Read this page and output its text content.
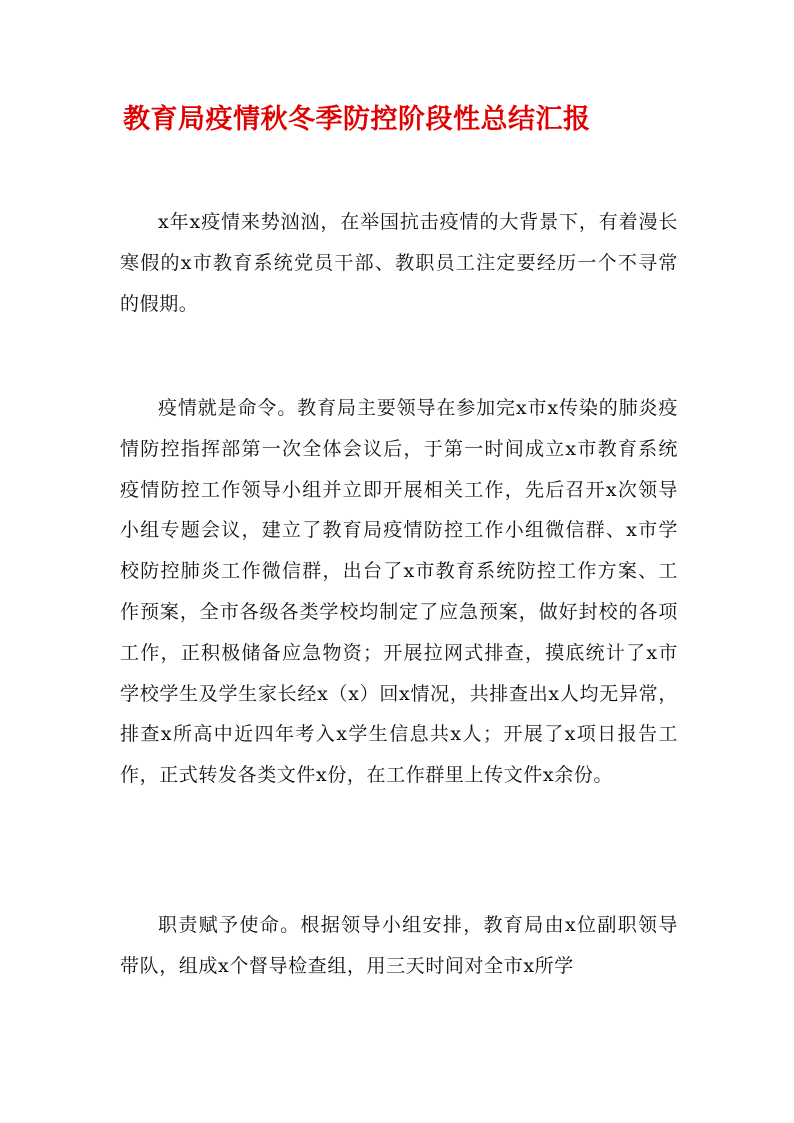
教育局疫情秋冬季防控阶段性总结汇报

x年x疫情来势汹汹，在举国抗击疫情的大背景下，有着漫长寒假的x市教育系统党员干部、教职员工注定要经历一个不寻常的假期。

疫情就是命令。教育局主要领导在参加完x市x传染的肺炎疫情防控指挥部第一次全体会议后，于第一时间成立x市教育系统疫情防控工作领导小组并立即开展相关工作，先后召开x次领导小组专题会议，建立了教育局疫情防控工作小组微信群、x市学校防控肺炎工作微信群，出台了x市教育系统防控工作方案、工作预案，全市各级各类学校均制定了应急预案，做好封校的各项工作，正积极储备应急物资；开展拉网式排查，摸底统计了x市学校学生及学生家长经x（x）回x情况，共排查出x人均无异常，排查x所高中近四年考入x学生信息共x人；开展了x项日报告工作，正式转发各类文件x份，在工作群里上传文件x余份。

职责赋予使命。根据领导小组安排，教育局由x位副职领导带队，组成x个督导检查组，用三天时间对全市x所学
